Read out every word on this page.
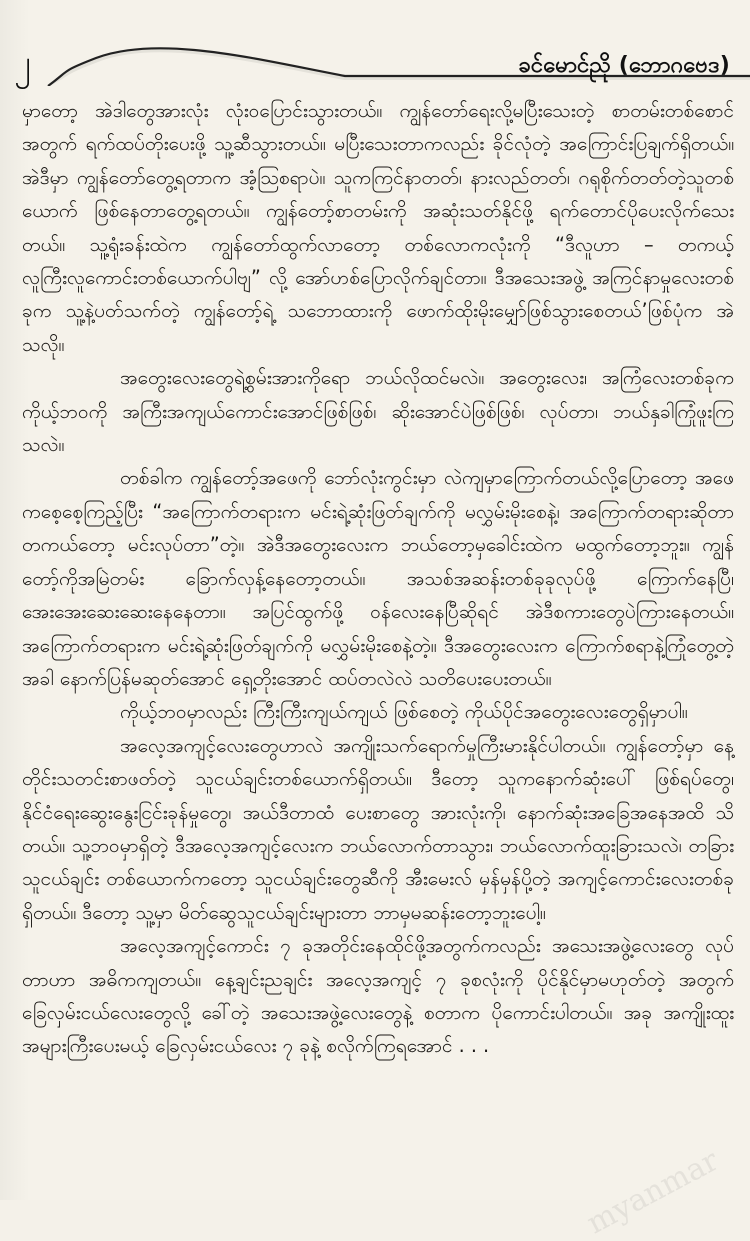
၂	ခင်မောင်ညို (ဘောဂဗေဒ)

မှာတော့ အဲဒါတွေအားလုံး လုံးဝပြောင်းသွားတယ်။ ကျွန်တော်ရေးလို့မပြီးသေးတဲ့ စာတမ်းတစ်စောင်အတွက် ရက်ထပ်တိုးပေးဖို့ သူ့ဆီသွားတယ်။ မပြီးသေးတာကလည်း ခိုင်လုံတဲ့ အကြောင်းပြချက်ရှိတယ်။ အဲဒီမှာ ကျွန်တော်တွေ့ရတာက အံ့သြစရာပဲ။ သူကကြင်နာတတ်၊ နားလည်တတ်၊ ဂရုစိုက်တတ်တဲ့သူတစ်ယောက် ဖြစ်နေတာတွေ့ရတယ်။ ကျွန်တော့်စာတမ်းကို အဆုံးသတ်နိုင်ဖို့ ရက်တောင်ပိုပေးလိုက်သေးတယ်။ သူ့ရုံးခန်းထဲက ကျွန်တော်ထွက်လာတော့ တစ်လောကလုံးကို “ဒီလူဟာ – တကယ့် လူကြီးလူကောင်းတစ်ယောက်ပါဗျ” လို့ အော်ဟစ်ပြောလိုက်ချင်တာ။ ဒီအသေးအဖွဲ့ အကြင်နာမှုလေးတစ်ခုက သူ့နဲ့ပတ်သက်တဲ့ ကျွန်တော့်ရဲ့ သဘောထားကို ဖောက်ထိုးမိုးမျှော်ဖြစ်သွားစေတယ်’ဖြစ်ပုံက အဲသလို။

အတွေးလေးတွေရဲ့စွမ်းအားကိုရော ဘယ်လိုထင်မလဲ။ အတွေးလေး၊ အကြံလေးတစ်ခုက ကိုယ့်ဘဝကို အကြီးအကျယ်ကောင်းအောင်ဖြစ်ဖြစ်၊ ဆိုးအောင်ပဲဖြစ်ဖြစ်၊ လုပ်တာ၊ ဘယ်နှခါကြုံဖူးကြသလဲ။

တစ်ခါက ကျွန်တော့်အဖေကို ဘော်လုံးကွင်းမှာ လဲကျမှာကြောက်တယ်လို့ပြောတော့ အဖေကစေ့စေ့ကြည့်ပြီး “အကြောက်တရားက မင်းရဲ့ဆုံးဖြတ်ချက်ကို မလွှမ်းမိုးစေနဲ့၊ အကြောက်တရားဆိုတာ တကယ်တော့ မင်းလုပ်တာ”တဲ့။ အဲဒီအတွေးလေးက ဘယ်တော့မှခေါင်းထဲက မထွက်တော့ဘူး။ ကျွန်တော့်ကိုအမြဲတမ်း ခြောက်လှန့်နေတော့တယ်။ အသစ်အဆန်းတစ်ခုခုလုပ်ဖို့ ကြောက်နေပြီ၊ အေးအေးဆေးဆေးနေနေတာ။ အပြင်ထွက်ဖို့ ဝန်လေးနေပြီဆိုရင် အဲဒီစကားတွေပဲကြားနေတယ်။ အကြောက်တရားက မင်းရဲ့ဆုံးဖြတ်ချက်ကို မလွှမ်းမိုးစေနဲ့တဲ့။ ဒီအတွေးလေးက ကြောက်စရာနဲ့ကြုံတွေ့တဲ့အခါ နောက်ပြန်မဆုတ်အောင် ရှေ့တိုးအောင် ထပ်တလဲလဲ သတိပေးပေးတယ်။

ကိုယ့်ဘဝမှာလည်း ကြီးကြီးကျယ်ကျယ် ဖြစ်စေတဲ့ ကိုယ်ပိုင်အတွေးလေးတွေရှိမှာပါ။

အလေ့အကျင့်လေးတွေဟာလဲ အကျိုးသက်ရောက်မှုကြီးမားနိုင်ပါတယ်။ ကျွန်တော့်မှာ နေ့တိုင်းသတင်းစာဖတ်တဲ့ သူငယ်ချင်းတစ်ယောက်ရှိတယ်။ ဒီတော့ သူကနောက်ဆုံးပေါ် ဖြစ်ရပ်တွေ၊ နိုင်ငံရေးဆွေးနွေးငြင်းခုန်မှုတွေ၊ အယ်ဒီတာထံ ပေးစာတွေ အားလုံးကို၊ နောက်ဆုံးအခြေအနေအထိ သိတယ်။ သူ့ဘဝမှာရှိတဲ့ ဒီအလေ့အကျင့်လေးက ဘယ်လောက်တာသွား၊ ဘယ်လောက်ထူးခြားသလဲ၊ တခြားသူငယ်ချင်း တစ်ယောက်ကတော့ သူငယ်ချင်းတွေဆီကို အီးမေးလ် မှန်မှန်ပို့တဲ့ အကျင့်ကောင်းလေးတစ်ခုရှိတယ်။ ဒီတော့ သူ့မှာ မိတ်ဆွေသူငယ်ချင်းများတာ ဘာမှမဆန်းတော့ဘူးပေါ့။

အလေ့အကျင့်ကောင်း ၇ ခုအတိုင်းနေထိုင်ဖို့အတွက်ကလည်း အသေးအဖွဲ့လေးတွေ လုပ်တာဟာ အဓိကကျတယ်။ နေ့ချင်းညချင်း အလေ့အကျင့် ၇ ခုစလုံးကို ပိုင်နိုင်မှာမဟုတ်တဲ့ အတွက် ခြေလှမ်းငယ်လေးတွေလို့ ခေါ်တဲ့ အသေးအဖွဲ့လေးတွေနဲ့ စတာက ပိုကောင်းပါတယ်။ အခု အကျိုးထူးအများကြီးပေးမယ့် ခြေလှမ်းငယ်လေး ၇ ခုနဲ့ စလိုက်ကြရအောင် . . .

myanmar
